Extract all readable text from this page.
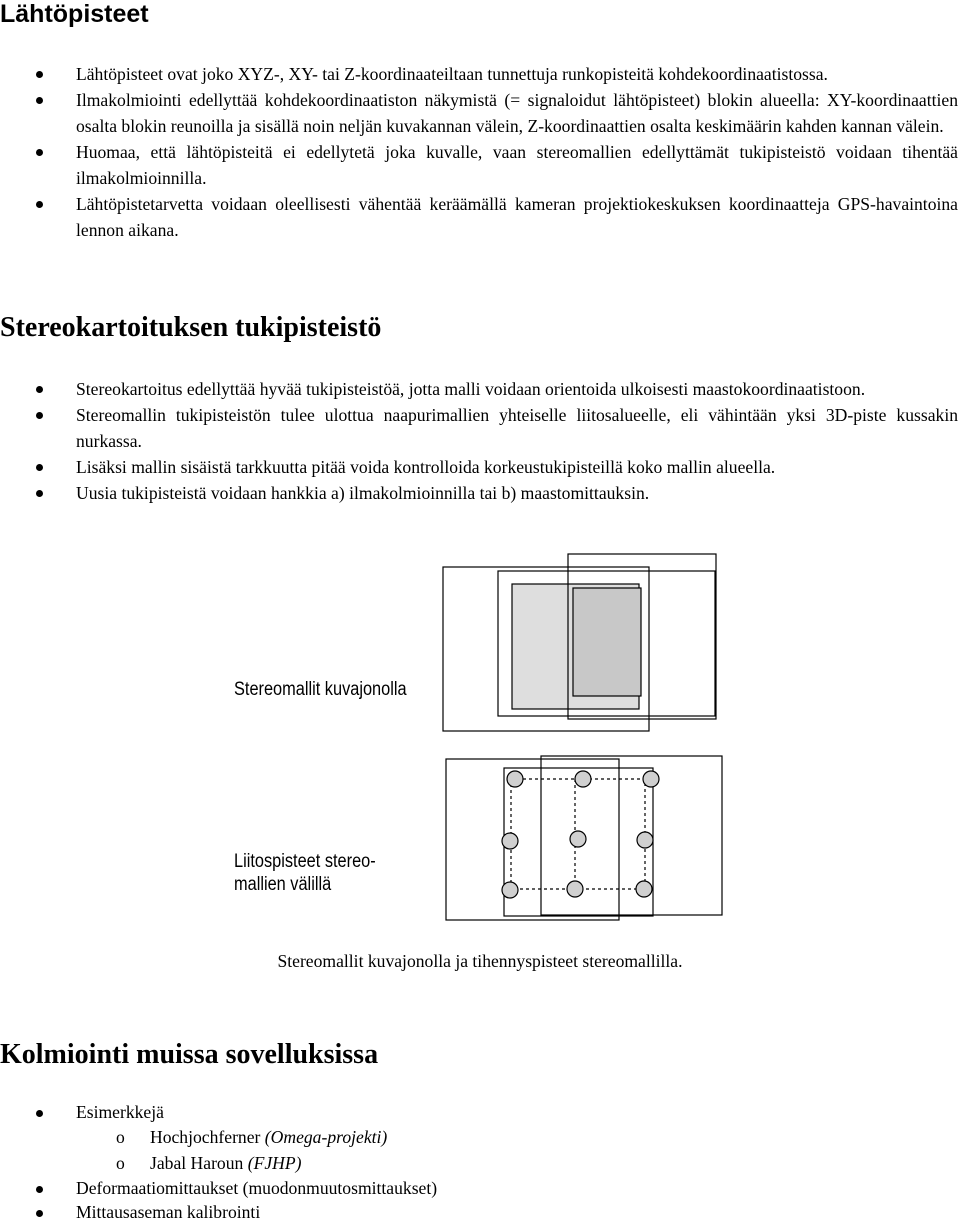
Lähtöpisteet
Lähtöpisteet ovat joko XYZ-, XY- tai Z-koordinaateiltaan tunnettuja runkopisteitä kohdekoordinaatistossa.
Ilmakolmiointi edellyttää kohdekoordinaatiston näkymistä (= signaloidut lähtöpisteet) blokin alueella: XY-koordinaattien osalta blokin reunoilla ja sisällä noin neljän kuvakannan välein, Z-koordinaattien osalta keskimäärin kahden kannan välein.
Huomaa, että lähtöpisteitä ei edellytetä joka kuvalle, vaan stereomallien edellyttämät tukipisteistö voidaan tihentää ilmakolmioinnilla.
Lähtöpistetarvetta voidaan oleellisesti vähentää keräämällä kameran projektiokeskuksen koordinaatteja GPS-havaintoina lennon aikana.
Stereokartoituksen tukipisteistö
Stereokartoitus edellyttää hyvää tukipisteistöä, jotta malli voidaan orientoida ulkoisesti maastokoordinaatistoon.
Stereomallin tukipisteistön tulee ulottua naapurimallien yhteiselle liitosalueelle, eli vähintään yksi 3D-piste kussakin nurkassa.
Lisäksi mallin sisäistä tarkkuutta pitää voida kontrolloida korkeustukipisteillä koko mallin alueella.
Uusia tukipisteistä voidaan hankkia a) ilmakolmioinnilla tai b) maastomittauksin.
Stereomallit kuvajonolla
Liitospisteet stereo-
mallien välillä
Stereomallit kuvajonolla ja tihennyspisteet stereomallilla.
Kolmiointi muissa sovelluksissa
Esimerkkejä
o Hochjochferner (Omega-projekti)
o Jabal Haroun (FJHP)
Deformaatiomittaukset (muodonmuutosmittaukset)
Mittausaseman kalibrointi
